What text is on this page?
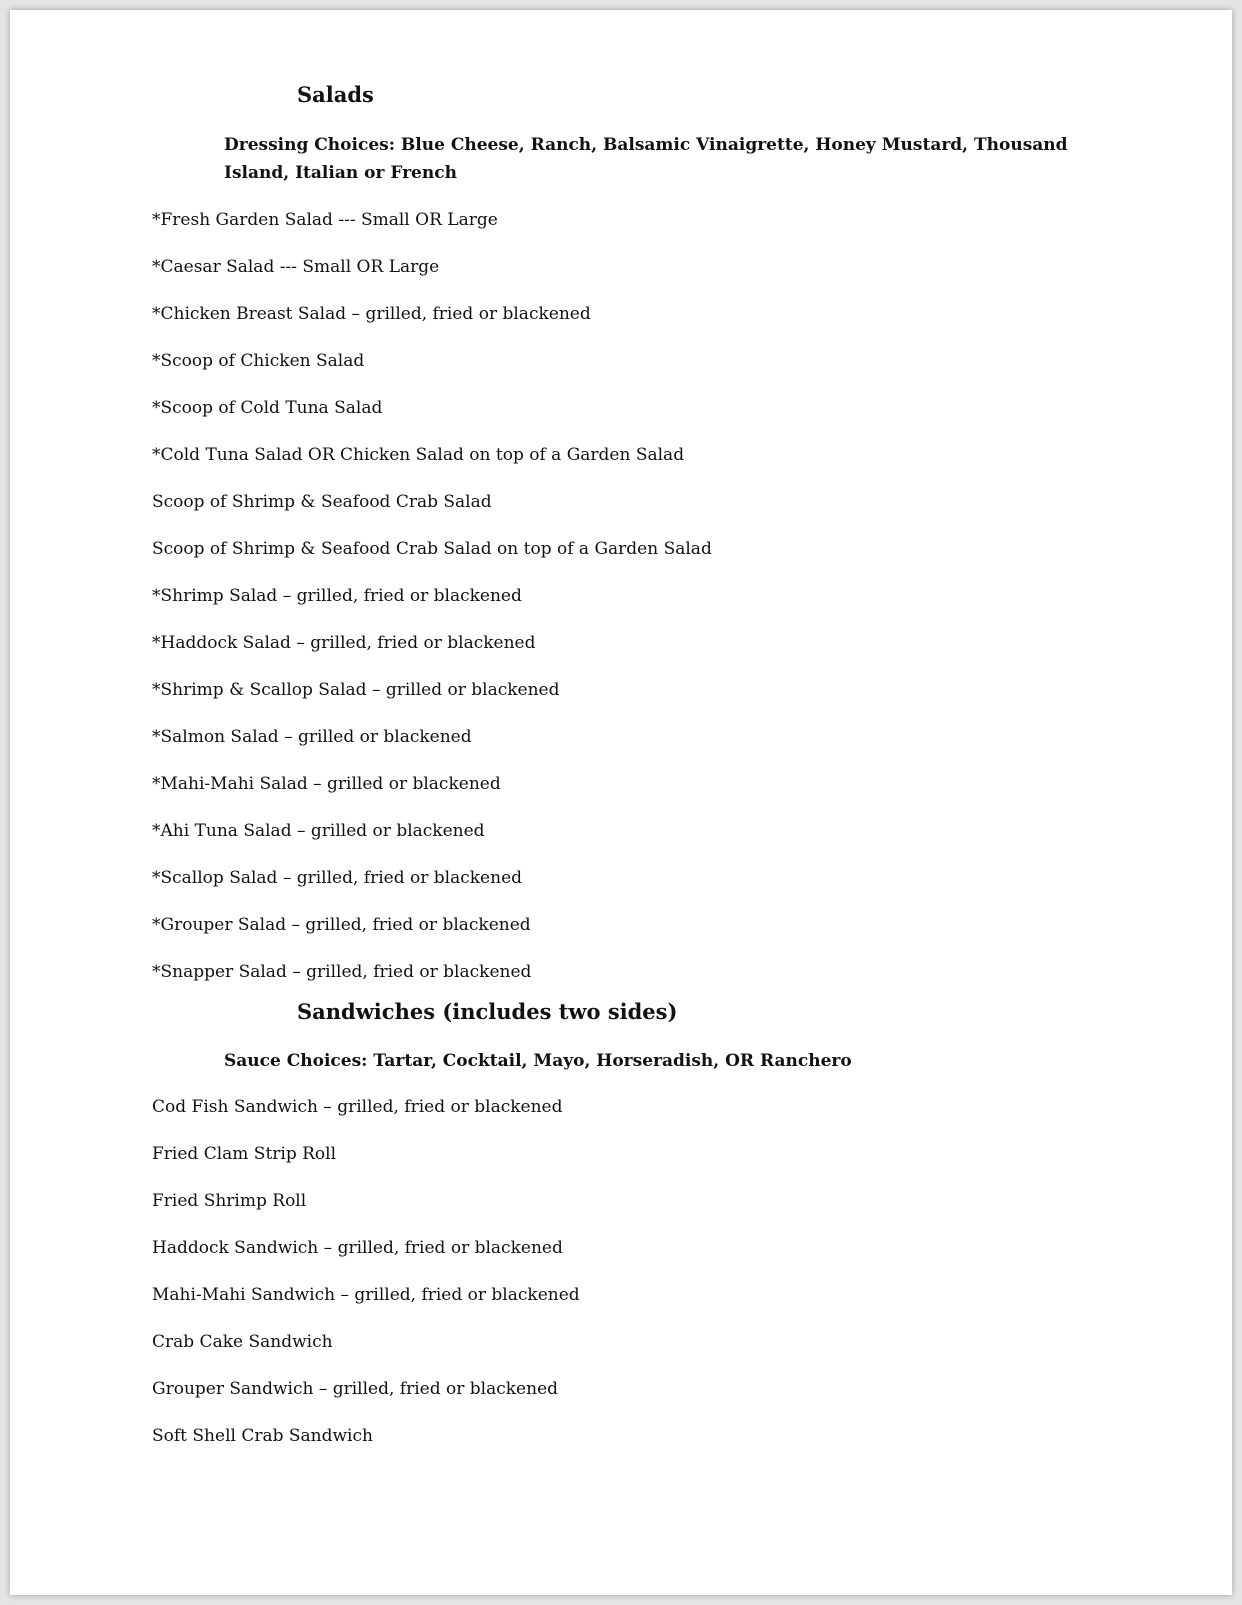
Salads

Dressing Choices: Blue Cheese, Ranch, Balsamic Vinaigrette, Honey Mustard, Thousand Island, Italian or French

*Fresh Garden Salad --- Small OR Large
*Caesar Salad --- Small OR Large
*Chicken Breast Salad – grilled, fried or blackened
*Scoop of Chicken Salad
*Scoop of Cold Tuna Salad
*Cold Tuna Salad OR Chicken Salad on top of a Garden Salad
Scoop of Shrimp & Seafood Crab Salad
Scoop of Shrimp & Seafood Crab Salad on top of a Garden Salad
*Shrimp Salad – grilled, fried or blackened
*Haddock Salad – grilled, fried or blackened
*Shrimp & Scallop Salad – grilled or blackened
*Salmon Salad – grilled or blackened
*Mahi-Mahi Salad – grilled or blackened
*Ahi Tuna Salad – grilled or blackened
*Scallop Salad – grilled, fried or blackened
*Grouper Salad – grilled, fried or blackened
*Snapper Salad – grilled, fried or blackened
Sandwiches (includes two sides)

Sauce Choices: Tartar, Cocktail, Mayo, Horseradish, OR Ranchero

Cod Fish Sandwich – grilled, fried or blackened
Fried Clam Strip Roll
Fried Shrimp Roll
Haddock Sandwich – grilled, fried or blackened
Mahi-Mahi Sandwich – grilled, fried or blackened
Crab Cake Sandwich
Grouper Sandwich – grilled, fried or blackened
Soft Shell Crab Sandwich
